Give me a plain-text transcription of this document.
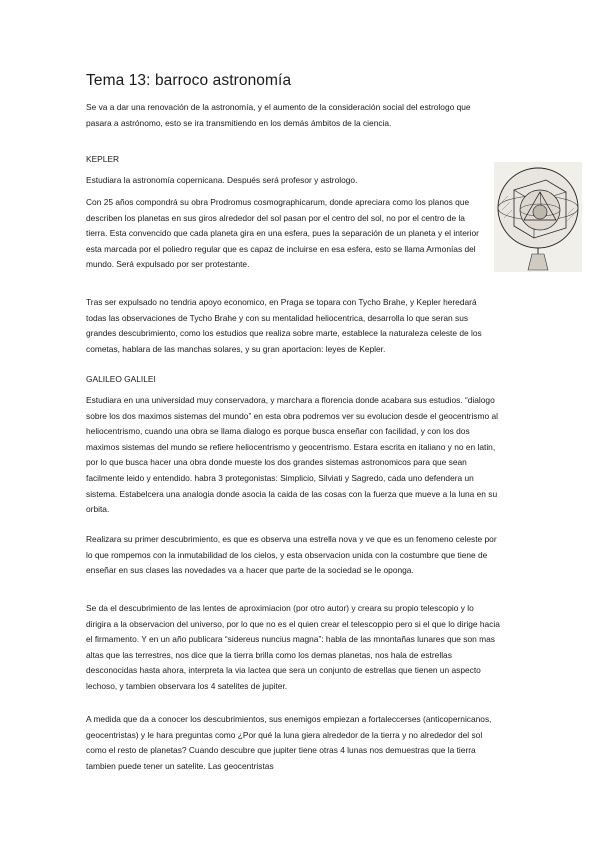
Tema 13: barroco astronomía

Se va a dar una renovación de la astronomía, y el aumento de la consideración social del estrologo que pasara a astrónomo, esto se ira transmitiendo en los demás ámbitos de la ciencia.

KEPLER

Estudiara la astronomía copernicana. Después será profesor y astrologo.

Con 25 años compondrá su obra Prodromus cosmographicarum, donde apreciara como los planos que describen los planetas en sus giros alrededor del sol pasan por el centro del sol, no por el centro de la tierra. Esta convencido que cada planeta gira en una esfera, pues la separación de un planeta y el interior esta marcada por el poliedro regular que es capaz de incluirse en esa esfera, esto se llama Armonías del mundo. Será expulsado por ser protestante.

Tras ser expulsado no tendria apoyo economico, en Praga se topara con Tycho Brahe, y Kepler heredará todas las observaciones de Tycho Brahe y con su mentalidad heliocentrica, desarrolla lo que seran sus grandes descubrimiento, como los estudios que realiza sobre marte, establece la naturaleza celeste de los cometas, hablara de las manchas solares, y su gran aportacion: leyes de Kepler.

GALILEO GALILEI

Estudiara en una universidad muy conservadora, y marchara a florencia donde acabara sus estudios. “dialogo sobre los dos maximos sistemas del mundo” en esta obra podremos ver su evolucion desde el geocentrismo al heliocentrismo, cuando una obra se llama dialogo es porque busca enseñar con facilidad, y con los dos maximos sistemas del mundo se refiere heliocentrismo y geocentrismo. Estara escrita en italiano y no en latin, por lo que busca hacer una obra donde mueste los dos grandes sistemas astronomicos para que sean facilmente leido y entendido. habra 3 protegonistas: Simplicio, Silviati y Sagredo, cada uno defendera un sistema. Estabelcera una analogia donde asocia la caida de las cosas con la fuerza que mueve a la luna en su orbita.

Realizara su primer descubrimiento, es que es observa una estrella nova y ve que es un fenomeno celeste por lo que rompemos con la inmutabilidad de los cielos, y esta observacion unida con la costumbre que tiene de enseñar en sus clases las novedades va a hacer que parte de la sociedad se le oponga.

Se da el descubrimiento de las lentes de aproximiacion (por otro autor) y creara su propio telescopio y lo dirigira a la observacion del universo, por lo que no es el quien crear el telescoppio pero si el que lo dirige hacia el firmamento. Y en un año publicara “sidereus nuncius magna”: habla de las mnontañas lunares que son mas altas que las terrestres, nos dice que la tierra brilla como los demas planetas, nos hala de estrellas desconocidas hasta ahora, interpreta la via lactea que sera un conjunto de estrellas que tienen un aspecto lechoso, y tambien observara los 4 satelites de jupiter.

A medida que da a conocer los descubrimientos, sus enemigos empiezan a fortaleccerses (anticopernicanos, geocentristas) y le hara preguntas como ¿Por qué la luna giera alrededor de la tierra y no alrededor del sol como el resto de planetas? Cuando descubre que jupiter tiene otras 4 lunas nos demuestras que la tierra tambien puede tener un satelite. Las geocentristas
